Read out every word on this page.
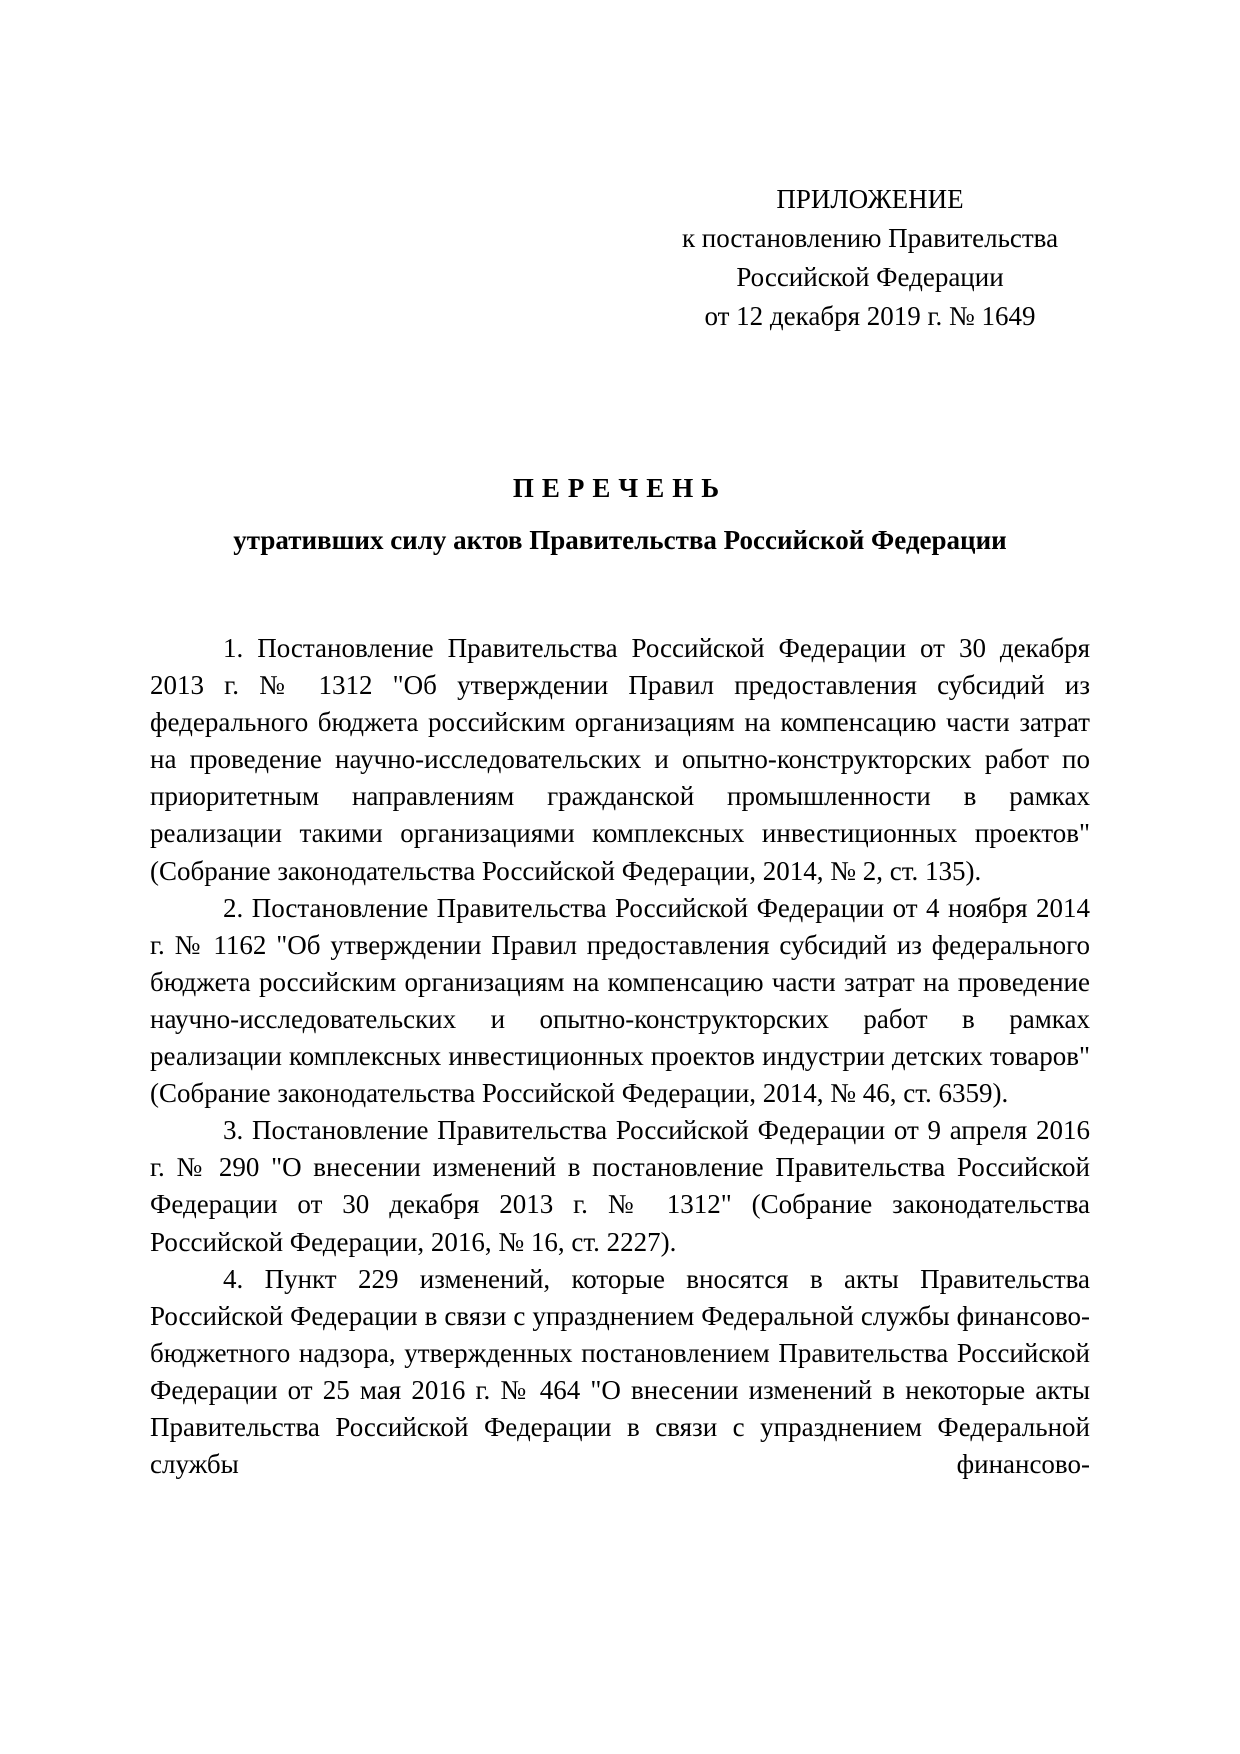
ПРИЛОЖЕНИЕ
к постановлению Правительства
Российской Федерации
от 12 декабря 2019 г. № 1649
ПЕРЕЧЕНЬ
утративших силу актов Правительства Российской Федерации

1. Постановление Правительства Российской Федерации от 30 декабря 2013 г. № 1312 "Об утверждении Правил предоставления субсидий из федерального бюджета российским организациям на компенсацию части затрат на проведение научно-исследовательских и опытно-конструкторских работ по приоритетным направлениям гражданской промышленности в рамках реализации такими организациями комплексных инвестиционных проектов" (Собрание законодательства Российской Федерации, 2014, № 2, ст. 135).

2. Постановление Правительства Российской Федерации от 4 ноября 2014 г. № 1162 "Об утверждении Правил предоставления субсидий из федерального бюджета российским организациям на компенсацию части затрат на проведение научно-исследовательских и опытно-конструкторских работ в рамках реализации комплексных инвестиционных проектов индустрии детских товаров" (Собрание законодательства Российской Федерации, 2014, № 46, ст. 6359).

3. Постановление Правительства Российской Федерации от 9 апреля 2016 г. № 290 "О внесении изменений в постановление Правительства Российской Федерации от 30 декабря 2013 г. № 1312" (Собрание законодательства Российской Федерации, 2016, № 16, ст. 2227).

4. Пункт 229 изменений, которые вносятся в акты Правительства Российской Федерации в связи с упразднением Федеральной службы финансово-бюджетного надзора, утвержденных постановлением Правительства Российской Федерации от 25 мая 2016 г. № 464 "О внесении изменений в некоторые акты Правительства Российской Федерации в связи с упразднением Федеральной службы финансово-
